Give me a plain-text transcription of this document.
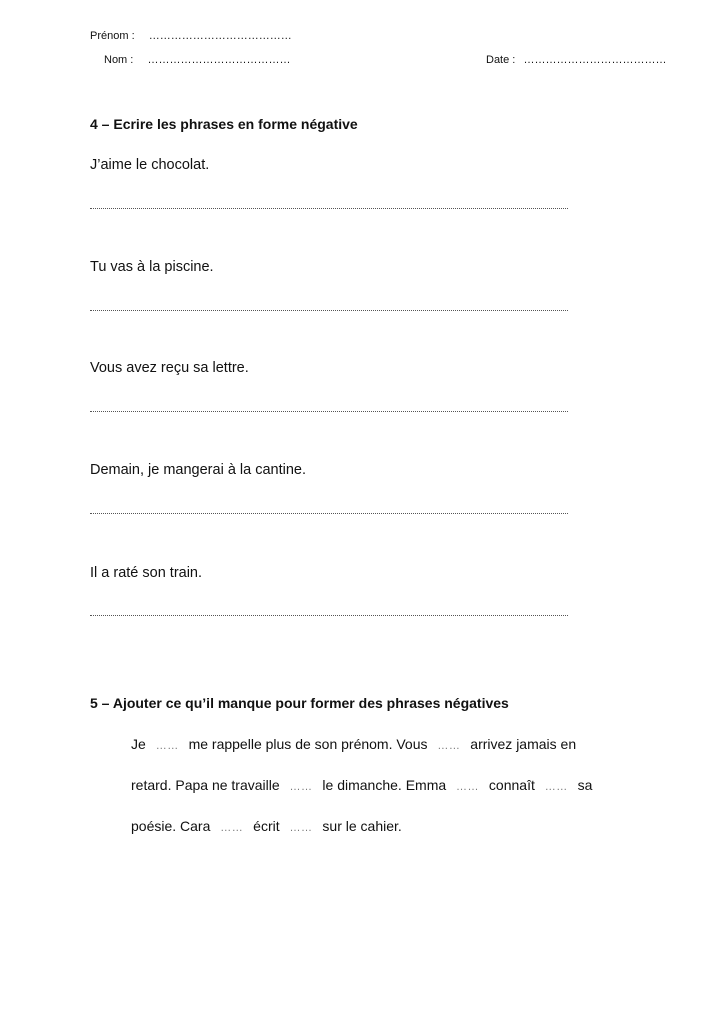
Prénom : …………………………………
Nom : …………………………………	Date : …………………………………
4 – Ecrire les phrases en forme négative
J’aime le chocolat.
Tu vas à la piscine.
Vous avez reçu sa lettre.
Demain, je mangerai à la cantine.
Il a raté son train.
5 – Ajouter ce qu’il manque pour former des phrases négatives
Je …… me rappelle plus de son prénom. Vous …… arrivez jamais en
retard. Papa ne travaille …… le dimanche. Emma …… connaît …… sa
poésie. Cara …… écrit …… sur le cahier.
